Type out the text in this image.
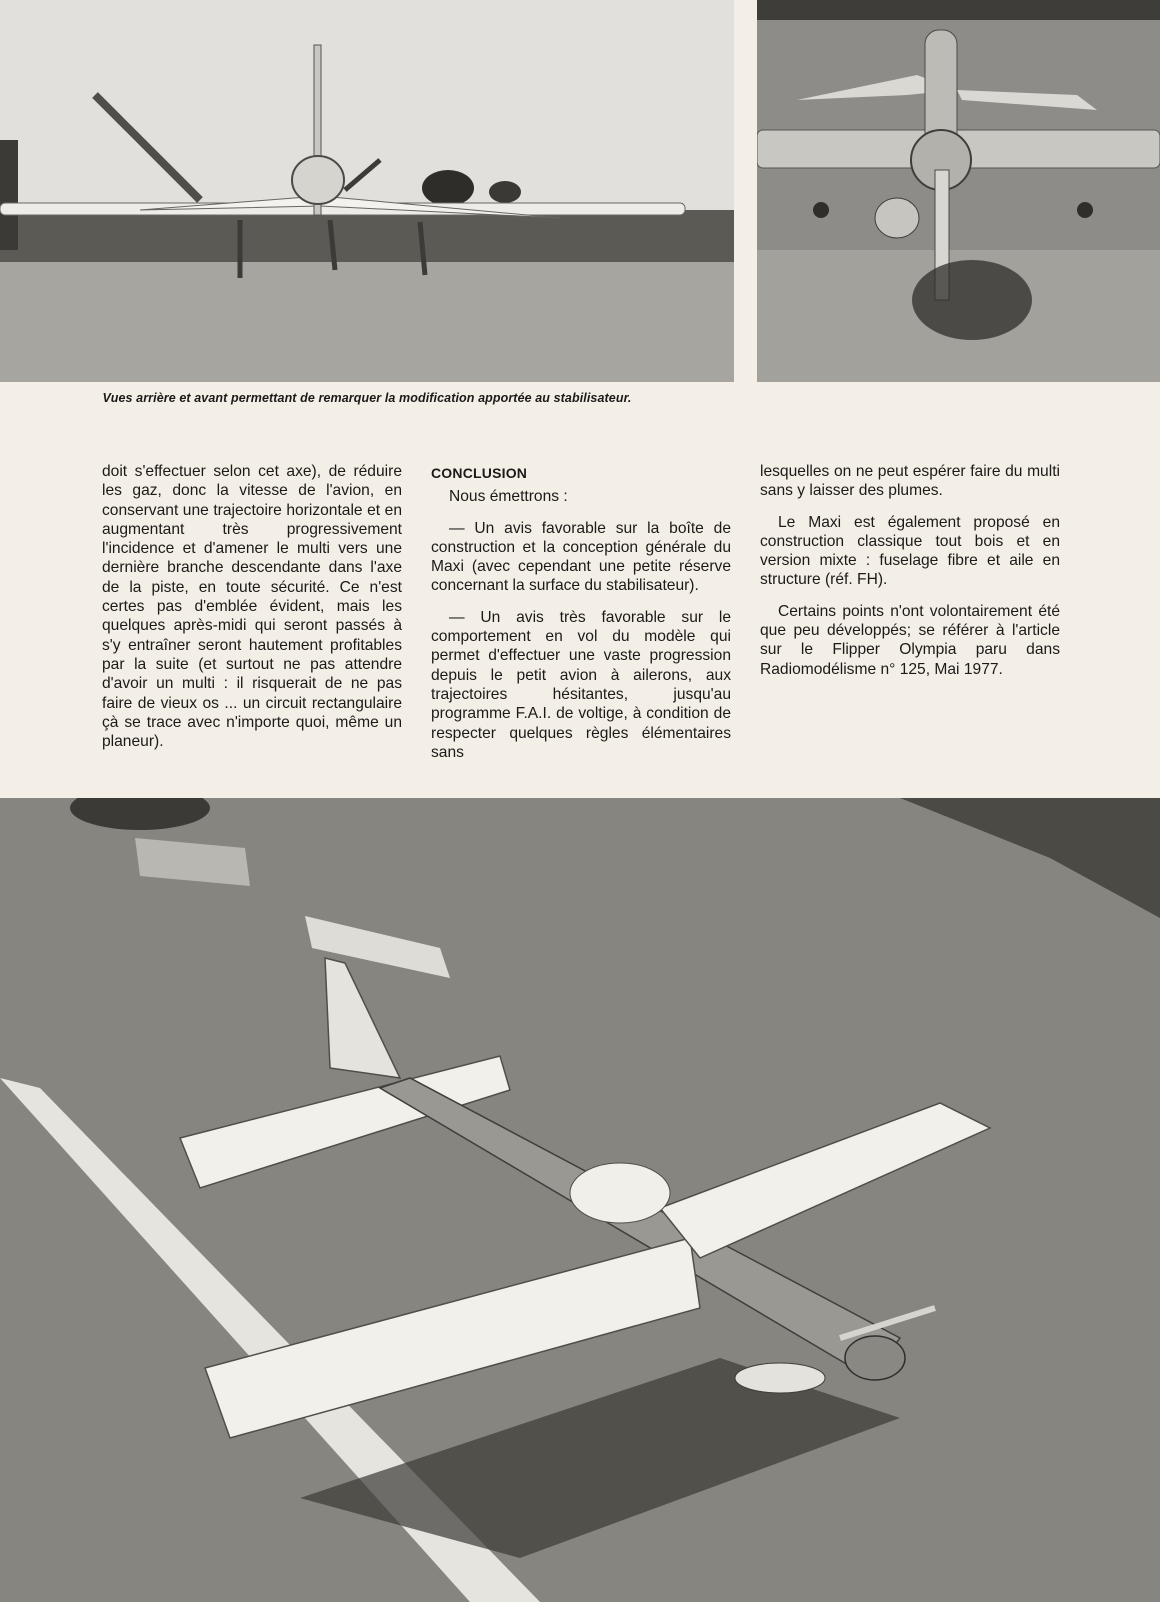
Vues arrière et avant permettant de remarquer la modification apportée au stabilisateur.

doit s'effectuer selon cet axe), de réduire les gaz, donc la vitesse de l'avion, en conservant une trajectoire horizontale et en augmentant très progressivement l'incidence et d'amener le multi vers une dernière branche descendante dans l'axe de la piste, en toute sécurité. Ce n'est certes pas d'emblée évident, mais les quelques après-midi qui seront passés à s'y entraîner seront hautement profitables par la suite (et surtout ne pas attendre d'avoir un multi : il risquerait de ne pas faire de vieux os ... un circuit rectangulaire çà se trace avec n'importe quoi, même un planeur).

CONCLUSION

Nous émettrons :

— Un avis favorable sur la boîte de construction et la conception générale du Maxi (avec cependant une petite réserve concernant la surface du stabilisateur).

— Un avis très favorable sur le comportement en vol du modèle qui permet d'effectuer une vaste progression depuis le petit avion à ailerons, aux trajectoires hésitantes, jusqu'au programme F.A.I. de voltige, à condition de respecter quelques règles élémentaires sans

lesquelles on ne peut espérer faire du multi sans y laisser des plumes.

Le Maxi est également proposé en construction classique tout bois et en version mixte : fuselage fibre et aile en structure (réf. FH).

Certains points n'ont volontairement été que peu développés; se référer à l'article sur le Flipper Olympia paru dans Radiomodélisme n° 125, Mai 1977.
